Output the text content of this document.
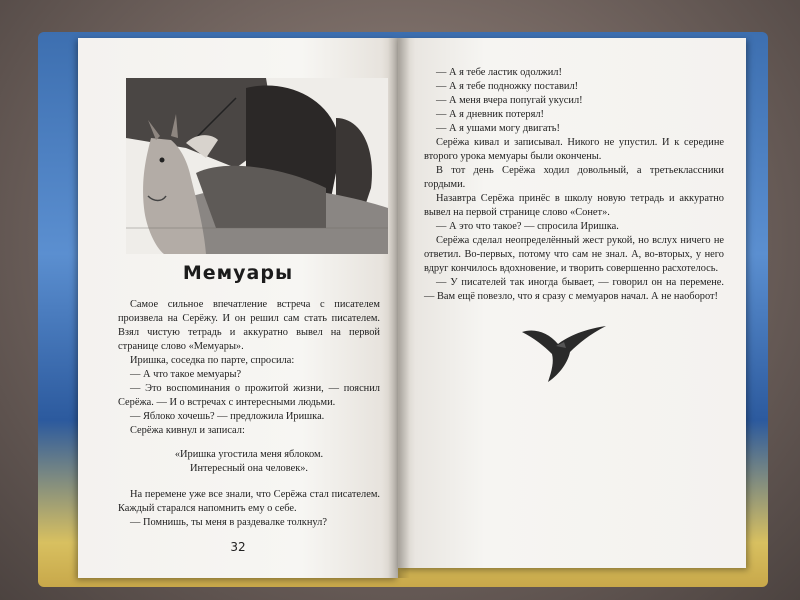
Мемуары

Самое сильное впечатление встреча с писателем произвела на Серёжу. И он решил сам стать писателем. Взял чистую тетрадь и аккуратно вывел на первой странице слово «Мемуары».

Иришка, соседка по парте, спросила:

— А что такое мемуары?

— Это воспоминания о прожитой жизни, — пояснил Серёжа. — И о встречах с интересными людьми.

— Яблоко хочешь? — предложила Иришка.

Серёжа кивнул и записал:

«Иришка угостила меня яблоком.
Интересный она человек».

На перемене уже все знали, что Серёжа стал писателем. Каждый старался напомнить ему о себе.

— Помнишь, ты меня в раздевалке толкнул?

32

— А я тебе ластик одолжил!

— А я тебе подножку поставил!

— А меня вчера попугай укусил!

— А я дневник потерял!

— А я ушами могу двигать!

Серёжа кивал и записывал. Никого не упустил. И к середине второго урока мемуары были окончены.

В тот день Серёжа ходил довольный, а третьеклассники гордыми.

Назавтра Серёжа принёс в школу новую тетрадь и аккуратно вывел на первой странице слово «Сонет».

— А это что такое? — спросила Иришка.

Серёжа сделал неопределённый жест рукой, но вслух ничего не ответил. Во-первых, потому что сам не знал. А, во-вторых, у него вдруг кончилось вдохновение, и творить совершенно расхотелось.

— У писателей так иногда бывает, — говорил он на перемене. — Вам ещё повезло, что я сразу с мемуаров начал. А не наоборот!
